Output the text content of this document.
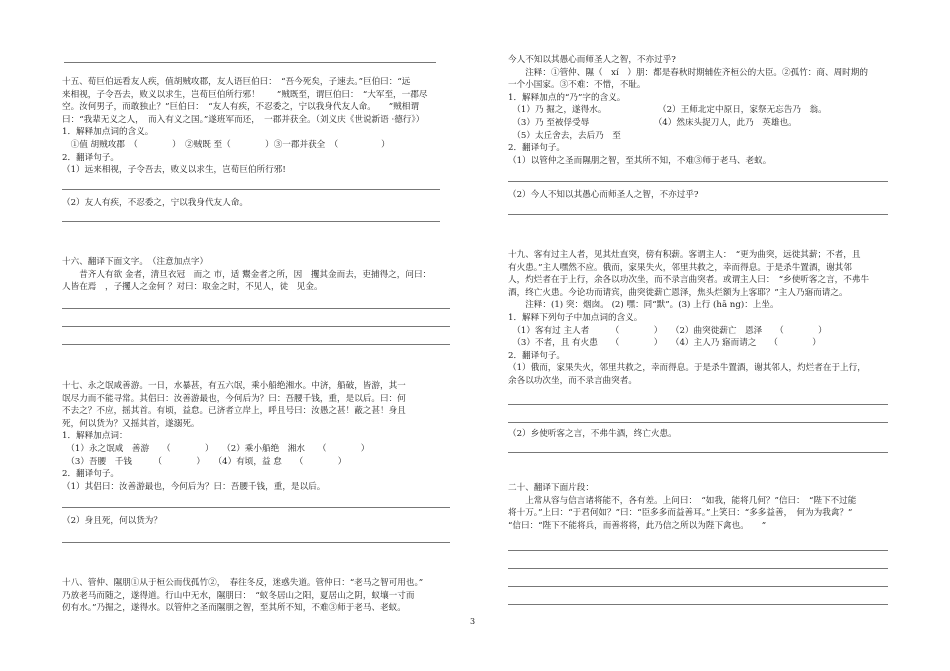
十五、荀巨伯远看友人疾，值胡贼攻郡，友人语巨伯曰：　“吾今死矣，子速去。”巨伯曰：“远
来相视，子令吾去，败义以求生，岂荀巨伯所行邪！　　”贼既至，谓巨伯曰：　“大军至，一郡尽
空。汝何男子，而敢独止？”巨伯曰：　“友人有疾，不忍委之，宁以我身代友人命。　　”贼相谓
曰：“我辈无义之人，　而入有义之国。”遂班军而还，　一郡并获全。（刘义庆《世说新语 ·德行》）
1．解释加点词的含义。
　①值 胡贼攻郡　（　　　　）　②贼既 至（　　　　）③一郡并获全　（　　　　　）
2．翻译句子。
（1）远来相视，子令吾去，败义以求生，岂荀巨伯所行邪!
（2）友人有疾，不忍委之，宁以我身代友人命。
十六、翻译下面文字。　（注意加点字）
　　昔齐人有欲 金者，清旦衣冠　而之 市，适 鬻金者之所，因　攫其金而去，吏捕得之，问曰：
人皆在焉　，子攫人之金何 ？对曰：取金之时，不见人，徒　见金。
十七、永之氓咸善游。一日，水暴甚，有五六氓，乘小船绝湘水。中济，船破，皆游，其一
氓尽力而不能寻常。其侣曰：汝善游最也，今何后为？曰：吾腰千钱，重，是以后。曰：何
不去之？不应，摇其首。有顷，益怠。已济者立岸上，呼且号曰：汝愚之甚！蔽之甚！身且
死，何以货为？又摇其首，遂溺死。
1．解释加点词：
　（1）永之氓咸　善游　　（　　　　）　　（2）乘小船绝　湘水　　（　　　　）
　（3）吾腰　千钱　　　（　　　　）　　（4）有顷，益 怠　　（　　　　）
2．翻译句子。
（1）其侣曰：汝善游最也，今何后为？曰：吾腰千钱，重，是以后。
（2）身且死，何以货为？
十八、管仲、隰朋①从于桓公而伐孤竹②，　春往冬反，迷惑失道。管仲曰：“老马之智可用也。”
乃放老马而随之，遂得道。行山中无水，隰朋曰：　“蚁冬居山之阳，夏居山之阴，蚁壤一寸而
仞有水。”乃掘之，遂得水。以管仲之圣而隰朋之智，至其所不知，不难③师于老马、老蚁。
今人不知以其愚心而师圣人之智，不亦过乎?
　　注释：①管仲、隰（　xí　）朋：都是春秋时期辅佐齐桓公的大臣。②孤竹：商、周时期的
一个小国家。③不难：不惜，不耻。
1．解释加点的“乃”字的含义。
　（1）乃 掘之，遂得水。　　　　　　　（2）王师北定中原日，家祭无忘告乃　翁。
　（3）乃 至被俘受辱　　　　　　　　（4）然床头捉刀人，此乃　英雄也。
　（5）太丘舍去，去后乃　至
2．翻译句子。
（1）以管仲之圣而隰朋之智，至其所不知，不难③师于老马、老蚁。
（2）今人不知以其愚心而师圣人之智，不亦过乎?
十九、客有过主人者，见其灶直突，傍有积薪。客谓主人：　“更为曲突，远徙其薪；不者，且
有火患。”主人嘿然不应。俄而，家果失火，邻里共救之，幸而得息。于是杀牛置酒，谢其邻
人，灼烂者在于上行，余各以功次坐，而不录言曲突者。或谓主人曰：　“乡使听客之言，不弗牛
酒，终亡火患。今论功而请宾，曲突徙薪亡恩泽，焦头烂额为上客耶？”主人乃寤而请之。
　　注释：(1) 突：烟囱。 (2) 嘿：同“默”。(3) 上行 (hā ng)：上坐。
1．解释下列句子中加点词的含义。
　（1）客有过 主人者　　　（　　　　）　　（2）曲突徙薪亡　恩泽　　（　　　　）
　（3）不者，且 有火患　　（　　　　）　　（4）主人乃 寤而请之　　（　　　　）
2．翻译句子。
（1）俄而，家果失火，邻里共救之，幸而得息。于是杀牛置酒，谢其邻人，灼烂者在于上行，
余各以功次坐，而不录言曲突者。
（2）乡使听客之言，不弗牛酒，终亡火患。
二十、翻译下面片段：
　　上常从容与信言诸将能不，各有差。上问曰：　“如我，能将几何？”信曰：　“陛下不过能
将十万。”上曰：“于君何如？”曰：“臣多多而益善耳。”上笑曰：“多多益善，　何为为我禽？”
“信曰：“陛下不能将兵，而善将将，此乃信之所以为陛下禽也。　　”
3
